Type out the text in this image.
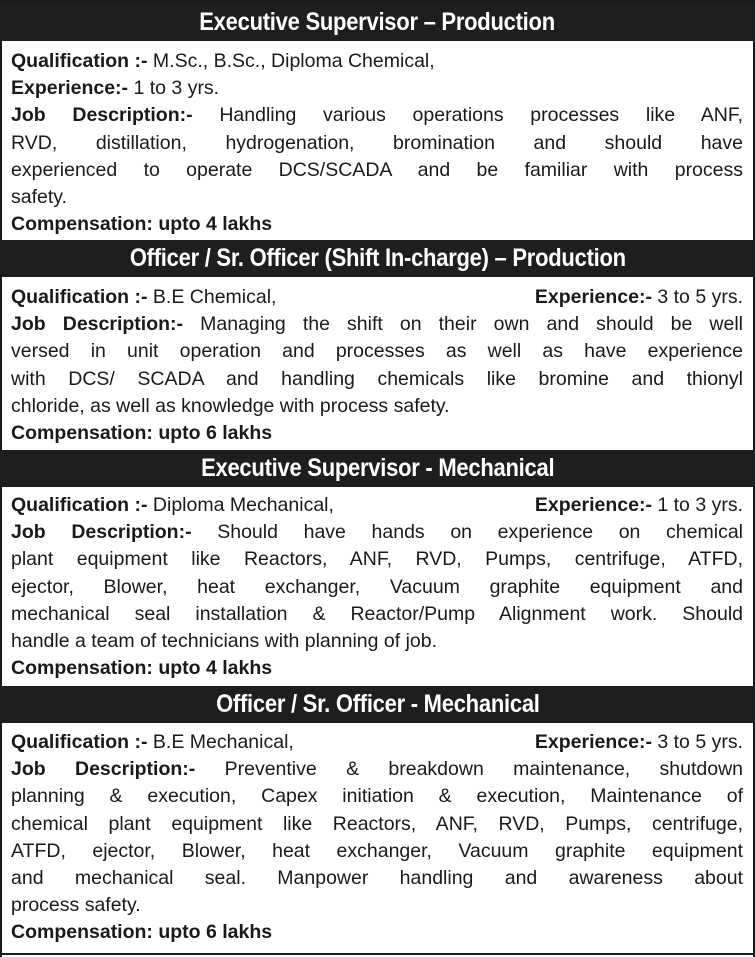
Executive Supervisor – Production
Qualification :- M.Sc., B.Sc., Diploma Chemical,
Experience:- 1 to 3 yrs.
Job Description:- Handling various operations processes like ANF,
RVD, distillation, hydrogenation, bromination and should have
experienced to operate DCS/SCADA and be familiar with process
safety.
Compensation: upto 4 lakhs
Officer / Sr. Officer (Shift In-charge) – Production
Qualification :- B.E Chemical,	Experience:- 3 to 5 yrs.
Job Description:- Managing the shift on their own and should be well
versed in unit operation and processes as well as have experience
with DCS/ SCADA and handling chemicals like bromine and thionyl
chloride, as well as knowledge with process safety.
Compensation: upto 6 lakhs
Executive Supervisor - Mechanical
Qualification :- Diploma Mechanical,	Experience:- 1 to 3 yrs.
Job Description:- Should have hands on experience on chemical
plant equipment like Reactors, ANF, RVD, Pumps, centrifuge, ATFD,
ejector, Blower, heat exchanger, Vacuum graphite equipment and
mechanical seal installation & Reactor/Pump Alignment work. Should
handle a team of technicians with planning of job.
Compensation: upto 4 lakhs
Officer / Sr. Officer - Mechanical
Qualification :- B.E Mechanical,	Experience:- 3 to 5 yrs.
Job Description:- Preventive & breakdown maintenance, shutdown
planning & execution, Capex initiation & execution, Maintenance of
chemical plant equipment like Reactors, ANF, RVD, Pumps, centrifuge,
ATFD, ejector, Blower, heat exchanger, Vacuum graphite equipment
and mechanical seal. Manpower handling and awareness about
process safety.
Compensation: upto 6 lakhs
